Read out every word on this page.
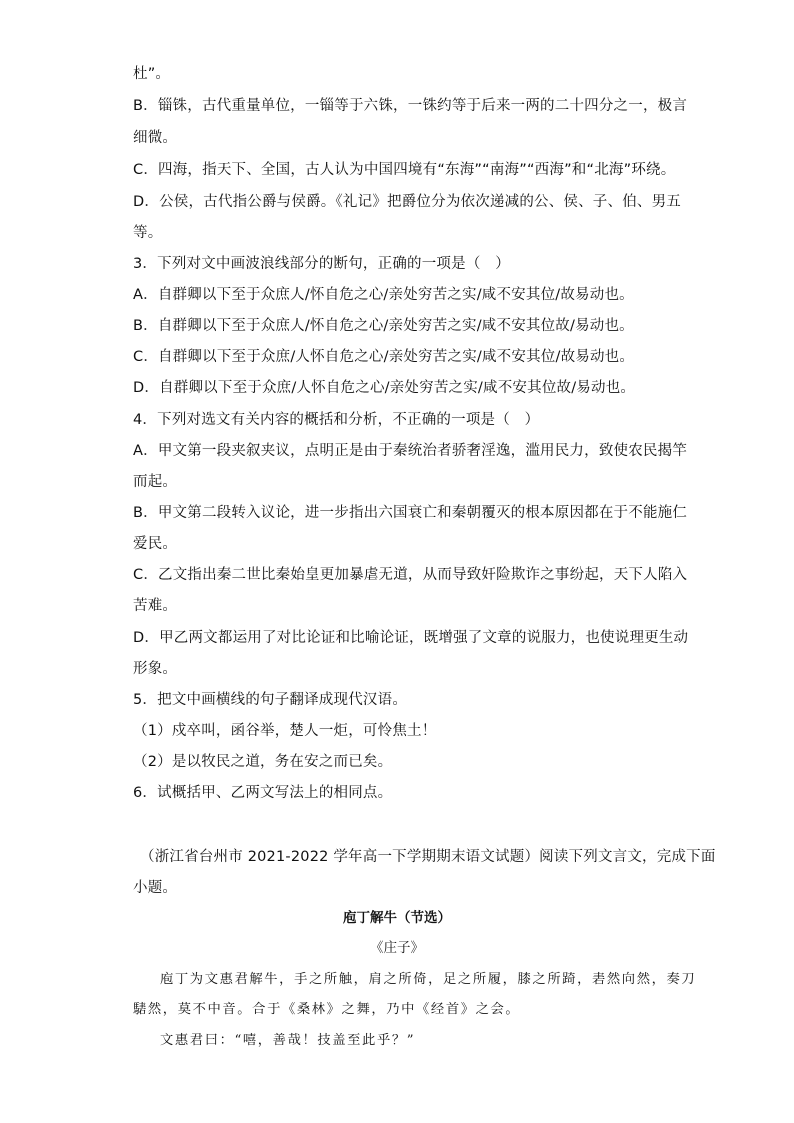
杜”。
B．锱铢，古代重量单位，一锱等于六铢，一铢约等于后来一两的二十四分之一，极言
细微。
C．四海，指天下、全国，古人认为中国四境有“东海”“南海”“西海”和“北海”环绕。
D．公侯，古代指公爵与侯爵。《礼记》把爵位分为依次递减的公、侯、子、伯、男五
等。
3．下列对文中画波浪线部分的断句，正确的一项是（　）
A．自群卿以下至于众庶人/怀自危之心/亲处穷苦之实/咸不安其位/故易动也。
B．自群卿以下至于众庶人/怀自危之心/亲处穷苦之实/咸不安其位故/易动也。
C．自群卿以下至于众庶/人怀自危之心/亲处穷苦之实/咸不安其位/故易动也。
D．自群卿以下至于众庶/人怀自危之心/亲处穷苦之实/咸不安其位故/易动也。
4．下列对选文有关内容的概括和分析，不正确的一项是（　）
A．甲文第一段夹叙夹议，点明正是由于秦统治者骄奢淫逸，滥用民力，致使农民揭竿
而起。
B．甲文第二段转入议论，进一步指出六国衰亡和秦朝覆灭的根本原因都在于不能施仁
爱民。
C．乙文指出秦二世比秦始皇更加暴虐无道，从而导致奸险欺诈之事纷起，天下人陷入
苦难。
D．甲乙两文都运用了对比论证和比喻论证，既增强了文章的说服力，也使说理更生动
形象。
5．把文中画横线的句子翻译成现代汉语。
（1）戍卒叫，函谷举，楚人一炬，可怜焦土！
（2）是以牧民之道，务在安之而已矣。
6．试概括甲、乙两文写法上的相同点。
（浙江省台州市 2021-2022 学年高一下学期期末语文试题）阅读下列文言文，完成下面
小题。
庖丁解牛（节选）
《庄子》
庖丁为文惠君解牛，手之所触，肩之所倚，足之所履，膝之所踦，砉然向然，奏刀
騞然，莫不中音。合于《桑林》之舞，乃中《经首》之会。
文惠君曰：“嘻，善哉！技盖至此乎？”
